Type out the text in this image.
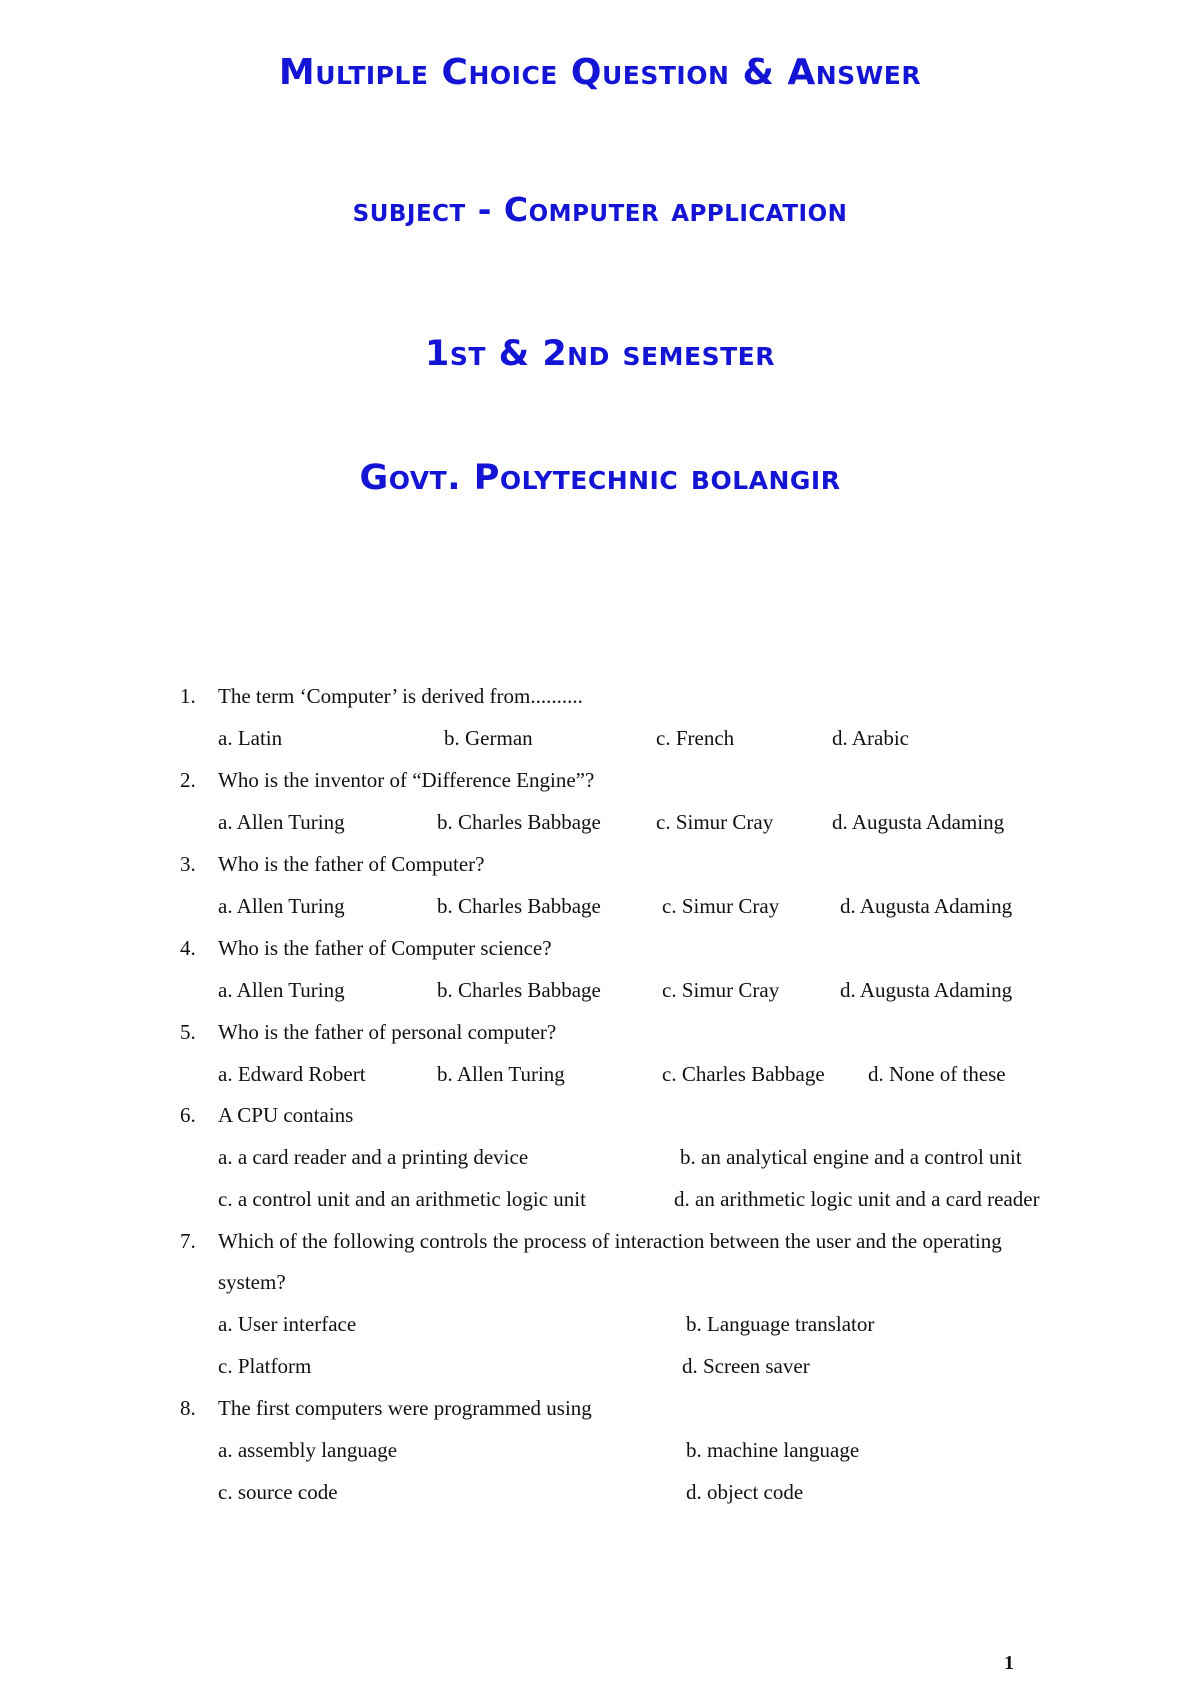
Multiple Choice Question & Answer
subject - Computer application
1st & 2nd semester
Govt. Polytechnic bolangir
1. The term ‘Computer’ is derived from..........
a. Latin	b. German	c. French	d. Arabic
2. Who is the inventor of “Difference Engine”?
a. Allen Turing	b. Charles Babbage	c. Simur Cray	d. Augusta Adaming
3. Who is the father of Computer?
a. Allen Turing	b. Charles Babbage	c. Simur Cray	d. Augusta Adaming
4. Who is the father of Computer science?
a. Allen Turing	b. Charles Babbage	c. Simur Cray	d. Augusta Adaming
5. Who is the father of personal computer?
a. Edward Robert	b. Allen Turing	c. Charles Babbage d. None of these
6. A CPU contains
a. a card reader and a printing device	b. an analytical engine and a control unit
c. a control unit and an arithmetic logic unit	d. an arithmetic logic unit and a card reader
7. Which of the following controls the process of interaction between the user and the operating
system?
a. User interface	b. Language translator
c. Platform	d. Screen saver
8. The first computers were programmed using
a. assembly language	b. machine language
c. source code	d. object code
1
